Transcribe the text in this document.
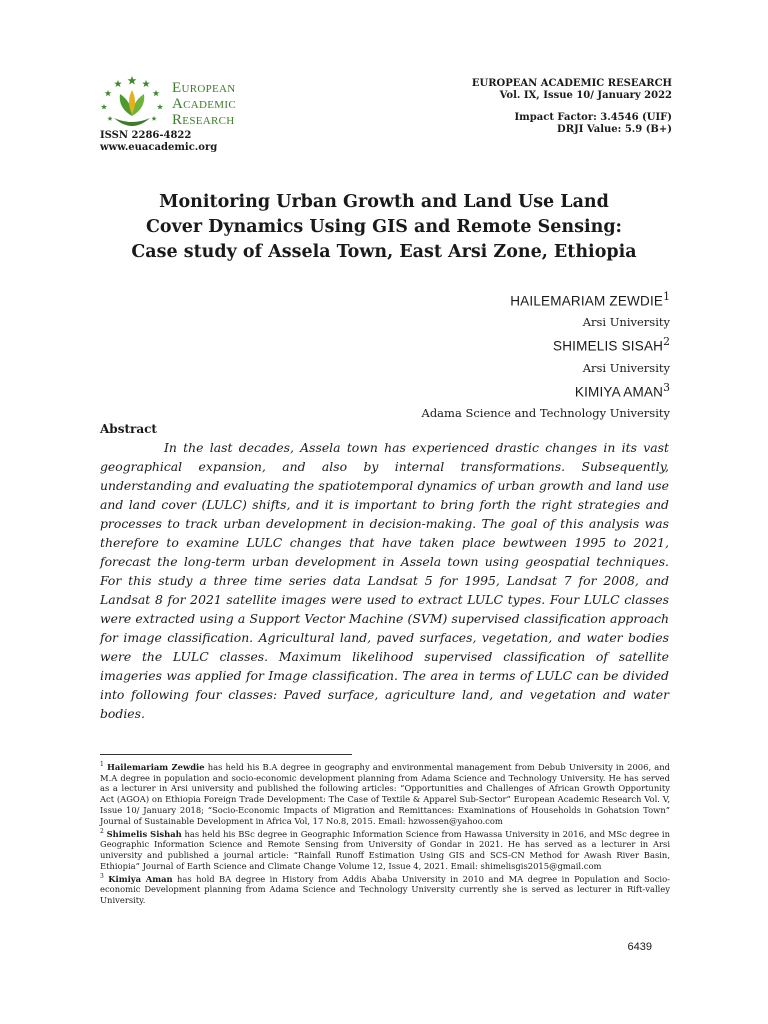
European
Academic
Research
ISSN 2286-4822
www.euacademic.org
EUROPEAN ACADEMIC RESEARCH
Vol. IX, Issue 10/ January 2022
Impact Factor: 3.4546 (UIF)
DRJI Value: 5.9 (B+)
Monitoring Urban Growth and Land Use Land
Cover Dynamics Using GIS and Remote Sensing:
Case study of Assela Town, East Arsi Zone, Ethiopia
HAILEMARIAM ZEWDIE$^1$
Arsi University
SHIMELIS SISAH$^2$
Arsi University
KIMIYA AMAN$^3$
Adama Science and Technology University
Abstract

In the last decades, Assela town has experienced drastic changes in its vast geographical expansion, and also by internal transformations. Subsequently, understanding and evaluating the spatiotemporal dynamics of urban growth and land use and land cover (LULC) shifts, and it is important to bring forth the right strategies and processes to track urban development in decision-making. The goal of this analysis was therefore to examine LULC changes that have taken place bewtween 1995 to 2021, forecast the long-term urban development in Assela town using geospatial techniques. For this study a three time series data Landsat 5 for 1995, Landsat 7 for 2008, and Landsat 8 for 2021 satellite images were used to extract LULC types. Four LULC classes were extracted using a Support Vector Machine (SVM) supervised classification approach for image classification. Agricultural land, paved surfaces, vegetation, and water bodies were the LULC classes. Maximum likelihood supervised classification of satellite imageries was applied for Image classification. The area in terms of LULC can be divided into following four classes: Paved surface, agriculture land, and vegetation and water bodies.

$^1$ Hailemariam Zewdie has held his B.A degree in geography and environmental management from Debub University in 2006, and M.A degree in population and socio-economic development planning from Adama Science and Technology University. He has served as a lecturer in Arsi university and published the following articles: “Opportunities and Challenges of African Growth Opportunity Act (AGOA) on Ethiopia Foreign Trade Development: The Case of Textile & Apparel Sub-Sector” European Academic Research Vol. V, Issue 10/ January 2018; “Socio-Economic Impacts of Migration and Remittances: Examinations of Households in Gohatsion Town” Journal of Sustainable Development in Africa Vol, 17 No.8, 2015. Email: hzwossen@yahoo.com

$^2$ Shimelis Sishah has held his BSc degree in Geographic Information Science from Hawassa University in 2016, and MSc degree in Geographic Information Science and Remote Sensing from University of Gondar in 2021. He has served as a lecturer in Arsi university and published a journal article: “Rainfall Runoff Estimation Using GIS and SCS-CN Method for Awash River Basin, Ethiopia” Journal of Earth Science and Climate Change Volume 12, Issue 4, 2021. Email: shimelisgis2015@gmail.com

$^3$ Kimiya Aman has hold BA degree in History from Addis Ababa University in 2010 and MA degree in Population and Socio- economic Development planning from Adama Science and Technology University currently she is served as lecturer in Rift-valley University.

6439
